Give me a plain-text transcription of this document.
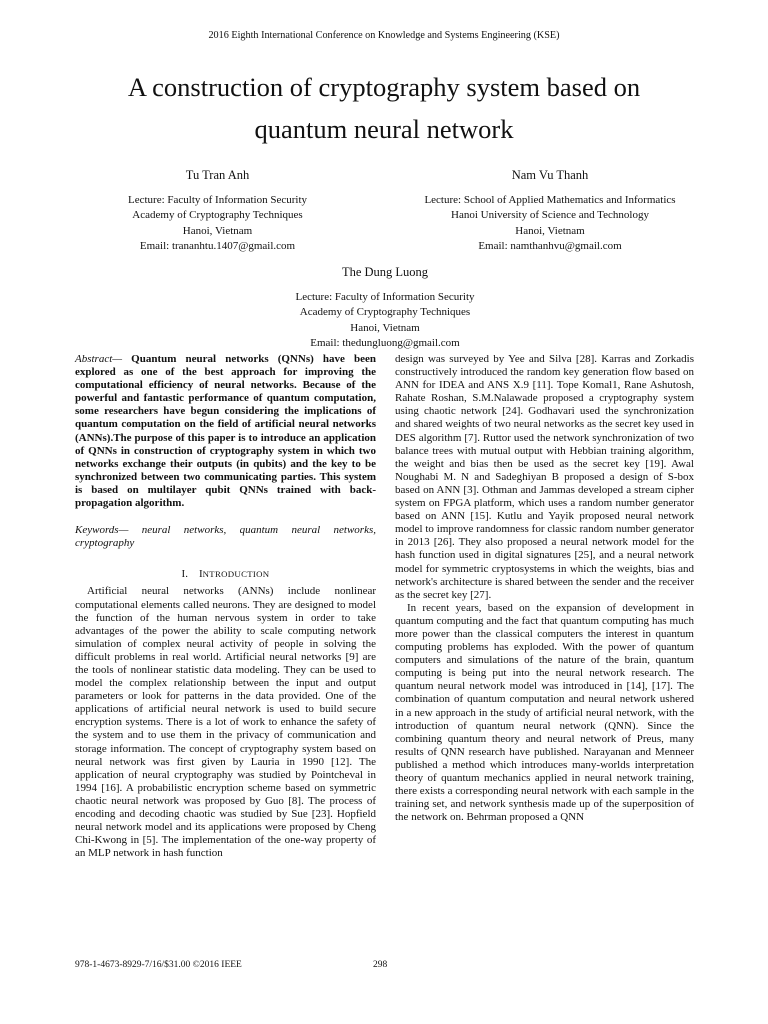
2016 Eighth International Conference on Knowledge and Systems Engineering (KSE)
A construction of cryptography system based on
quantum neural network
Tu Tran Anh
Lecture: Faculty of Information Security
Academy of Cryptography Techniques
Hanoi, Vietnam
Email: trananhtu.1407@gmail.com
Nam Vu Thanh
Lecture: School of Applied Mathematics and Informatics
Hanoi University of Science and Technology
Hanoi, Vietnam
Email: namthanhvu@gmail.com
The Dung Luong
Lecture: Faculty of Information Security
Academy of Cryptography Techniques
Hanoi, Vietnam
Email: thedungluong@gmail.com

Abstract— Quantum neural networks (QNNs) have been explored as one of the best approach for improving the computational efficiency of neural networks. Because of the powerful and fantastic performance of quantum computation, some researchers have begun considering the implications of quantum computation on the field of artificial neural networks (ANNs).The purpose of this paper is to introduce an application of QNNs in construction of cryptography system in which two networks exchange their outputs (in qubits) and the key to be synchronized between two communicating parties. This system is based on multilayer qubit QNNs trained with back-propagation algorithm.

Keywords— neural networks, quantum neural networks, cryptography

I. INTRODUCTION

Artificial neural networks (ANNs) include nonlinear computational elements called neurons. They are designed to model the function of the human nervous system in order to take advantages of the power the ability to scale computing network simulation of complex neural activity of people in solving the difficult problems in real world. Artificial neural networks [9] are the tools of nonlinear statistic data modeling. They can be used to model the complex relationship between the input and output parameters or look for patterns in the data provided. One of the applications of artificial neural network is used to build secure encryption systems. There is a lot of work to enhance the safety of the system and to use them in the privacy of communication and storage information. The concept of cryptography system based on neural network was first given by Lauria in 1990 [12]. The application of neural cryptography was studied by Pointcheval in 1994 [16]. A probabilistic encryption scheme based on symmetric chaotic neural network was proposed by Guo [8]. The process of encoding and decoding chaotic was studied by Sue [23]. Hopfield neural network model and its applications were proposed by Cheng Chi-Kwong in [5]. The implementation of the one-way property of an MLP network in hash function

design was surveyed by Yee and Silva [28]. Karras and Zorkadis constructively introduced the random key generation flow based on ANN for IDEA and ANS X.9 [11]. Tope Komal1, Rane Ashutosh, Rahate Roshan, S.M.Nalawade proposed a cryptography system using chaotic network [24]. Godhavari used the synchronization and shared weights of two neural networks as the secret key used in DES algorithm [7]. Ruttor used the network synchronization of two balance trees with mutual output with Hebbian training algorithm, the weight and bias then be used as the secret key [19]. Awal Noughabi M. N and Sadeghiyan B proposed a design of S-box based on ANN [3]. Othman and Jammas developed a stream cipher system on FPGA platform, which uses a random number generator based on ANN [15]. Kutlu and Yayik proposed neural network model to improve randomness for classic random number generator in 2013 [26]. They also proposed a neural network model for the hash function used in digital signatures [25], and a neural network model for symmetric cryptosystems in which the weights, bias and network's architecture is shared between the sender and the receiver as the secret key [27].

In recent years, based on the expansion of development in quantum computing and the fact that quantum computing has much more power than the classical computers the interest in quantum computing problems has exploded. With the power of quantum computers and simulations of the nature of the brain, quantum computing is being put into the neural network research. The quantum neural network model was introduced in [14], [17]. The combination of quantum computation and neural network ushered in a new approach in the study of artificial neural network, with the introduction of quantum neural network (QNN). Since the combining quantum theory and neural network of Preus, many results of QNN research have published. Narayanan and Menneer published a method which introduces many-worlds interpretation theory of quantum mechanics applied in neural network training, there exists a corresponding neural network with each sample in the training set, and network synthesis made up of the superposition of the network on. Behrman proposed a QNN

978-1-4673-8929-7/16/$31.00 ©2016 IEEE	298
